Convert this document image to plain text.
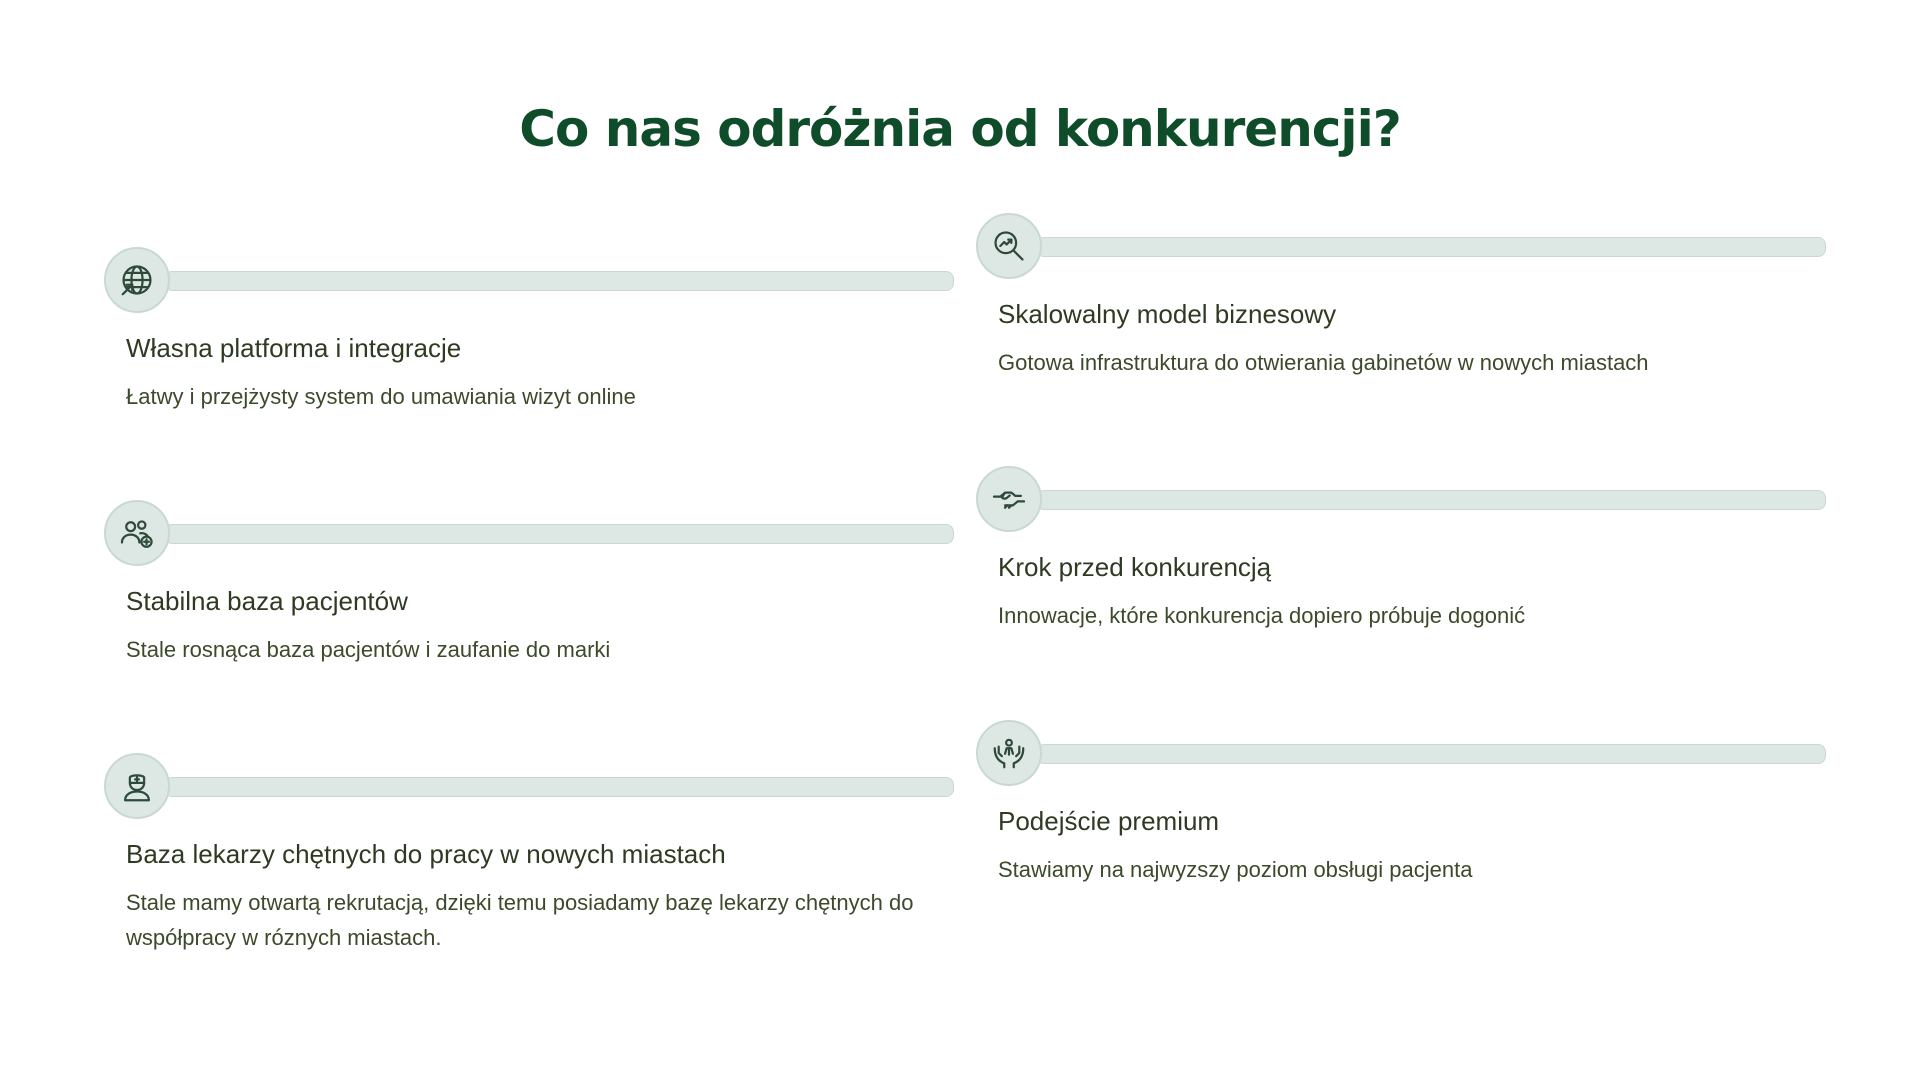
Co nas odróżnia od konkurencji?
Własna platforma i integracje

Łatwy i przejżysty system do umawiania wizyt online

Skalowalny model biznesowy

Gotowa infrastruktura do otwierania gabinetów w nowych miastach

Stabilna baza pacjentów

Stale rosnąca baza pacjentów i zaufanie do marki

Krok przed konkurencją

Innowacje, które konkurencja dopiero próbuje dogonić

Baza lekarzy chętnych do pracy w nowych miastach

Stale mamy otwartą rekrutacją, dzięki temu posiadamy bazę lekarzy chętnych do współpracy w róznych miastach.

Podejście premium

Stawiamy na najwyzszy poziom obsługi pacjenta
